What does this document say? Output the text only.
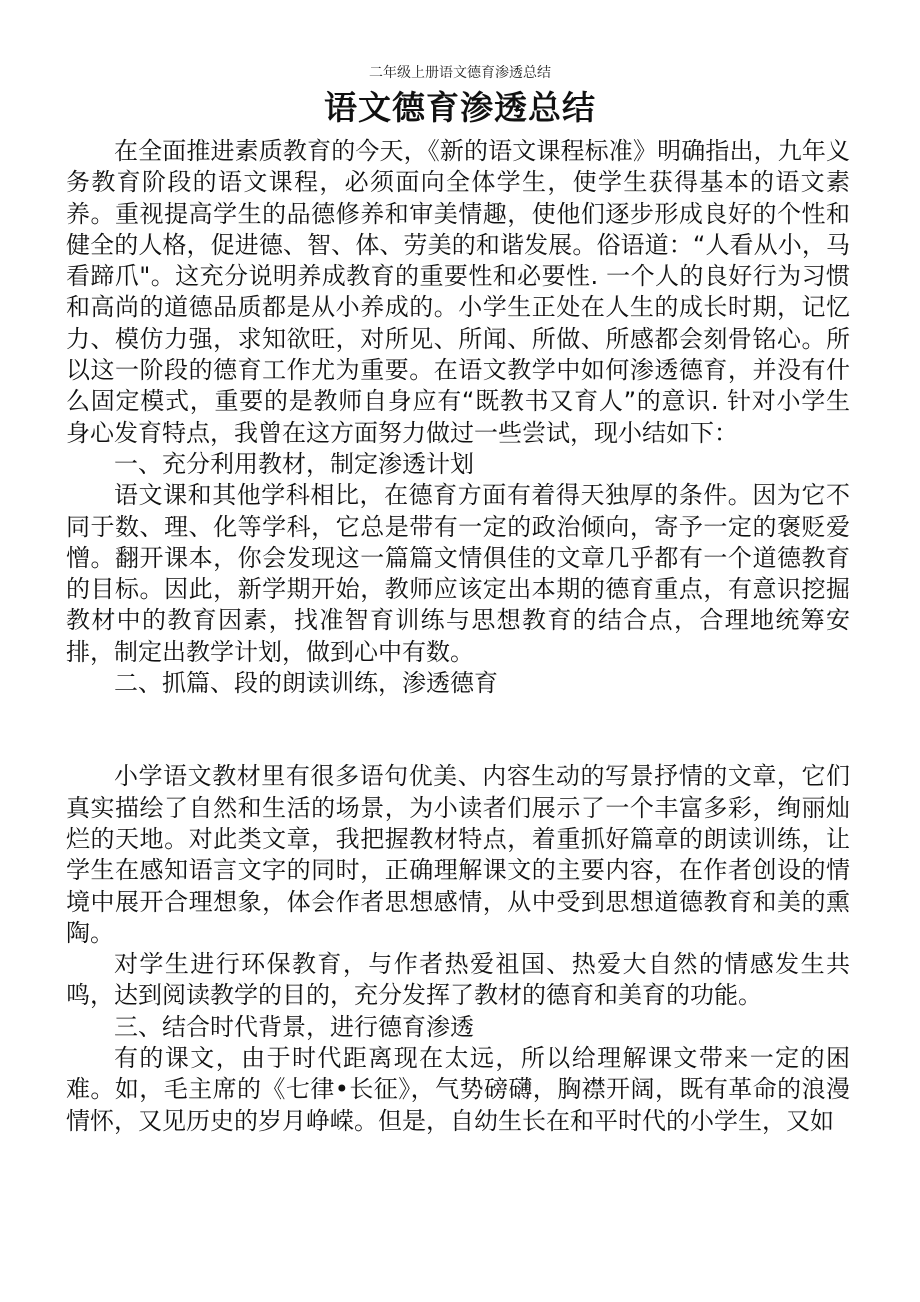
二年级上册语文德育渗透总结
语文德育渗透总结

在全面推进素质教育的今天，《新的语文课程标准》明确指出，九年义务教育阶段的语文课程，必须面向全体学生，使学生获得基本的语文素养。重视提高学生的品德修养和审美情趣，使他们逐步形成良好的个性和健全的人格，促进德、智、体、劳美的和谐发展。俗语道：“人看从小，马看蹄爪"。这充分说明养成教育的重要性和必要性. 一个人的良好行为习惯和高尚的道德品质都是从小养成的。小学生正处在人生的成长时期，记忆力、模仿力强，求知欲旺，对所见、所闻、所做、所感都会刻骨铭心。所以这一阶段的德育工作尤为重要。在语文教学中如何渗透德育，并没有什么固定模式，重要的是教师自身应有“既教书又育人”的意识. 针对小学生身心发育特点，我曾在这方面努力做过一些尝试，现小结如下：

一、充分利用教材，制定渗透计划

语文课和其他学科相比，在德育方面有着得天独厚的条件。因为它不同于数、理、化等学科，它总是带有一定的政治倾向，寄予一定的褒贬爱憎。翻开课本，你会发现这一篇篇文情俱佳的文章几乎都有一个道德教育的目标。因此，新学期开始，教师应该定出本期的德育重点，有意识挖掘教材中的教育因素，找准智育训练与思想教育的结合点，合理地统筹安排，制定出教学计划，做到心中有数。

二、抓篇、段的朗读训练，渗透德育

小学语文教材里有很多语句优美、内容生动的写景抒情的文章，它们真实描绘了自然和生活的场景，为小读者们展示了一个丰富多彩，绚丽灿烂的天地。对此类文章，我把握教材特点，着重抓好篇章的朗读训练，让学生在感知语言文字的同时，正确理解课文的主要内容，在作者创设的情境中展开合理想象，体会作者思想感情，从中受到思想道德教育和美的熏陶。

对学生进行环保教育，与作者热爱祖国、热爱大自然的情感发生共鸣，达到阅读教学的目的，充分发挥了教材的德育和美育的功能。

三、结合时代背景，进行德育渗透

有的课文，由于时代距离现在太远，所以给理解课文带来一定的困难。如，毛主席的《七律•长征》，气势磅礴，胸襟开阔，既有革命的浪漫情怀，又见历史的岁月峥嵘。但是，自幼生长在和平时代的小学生，又如
